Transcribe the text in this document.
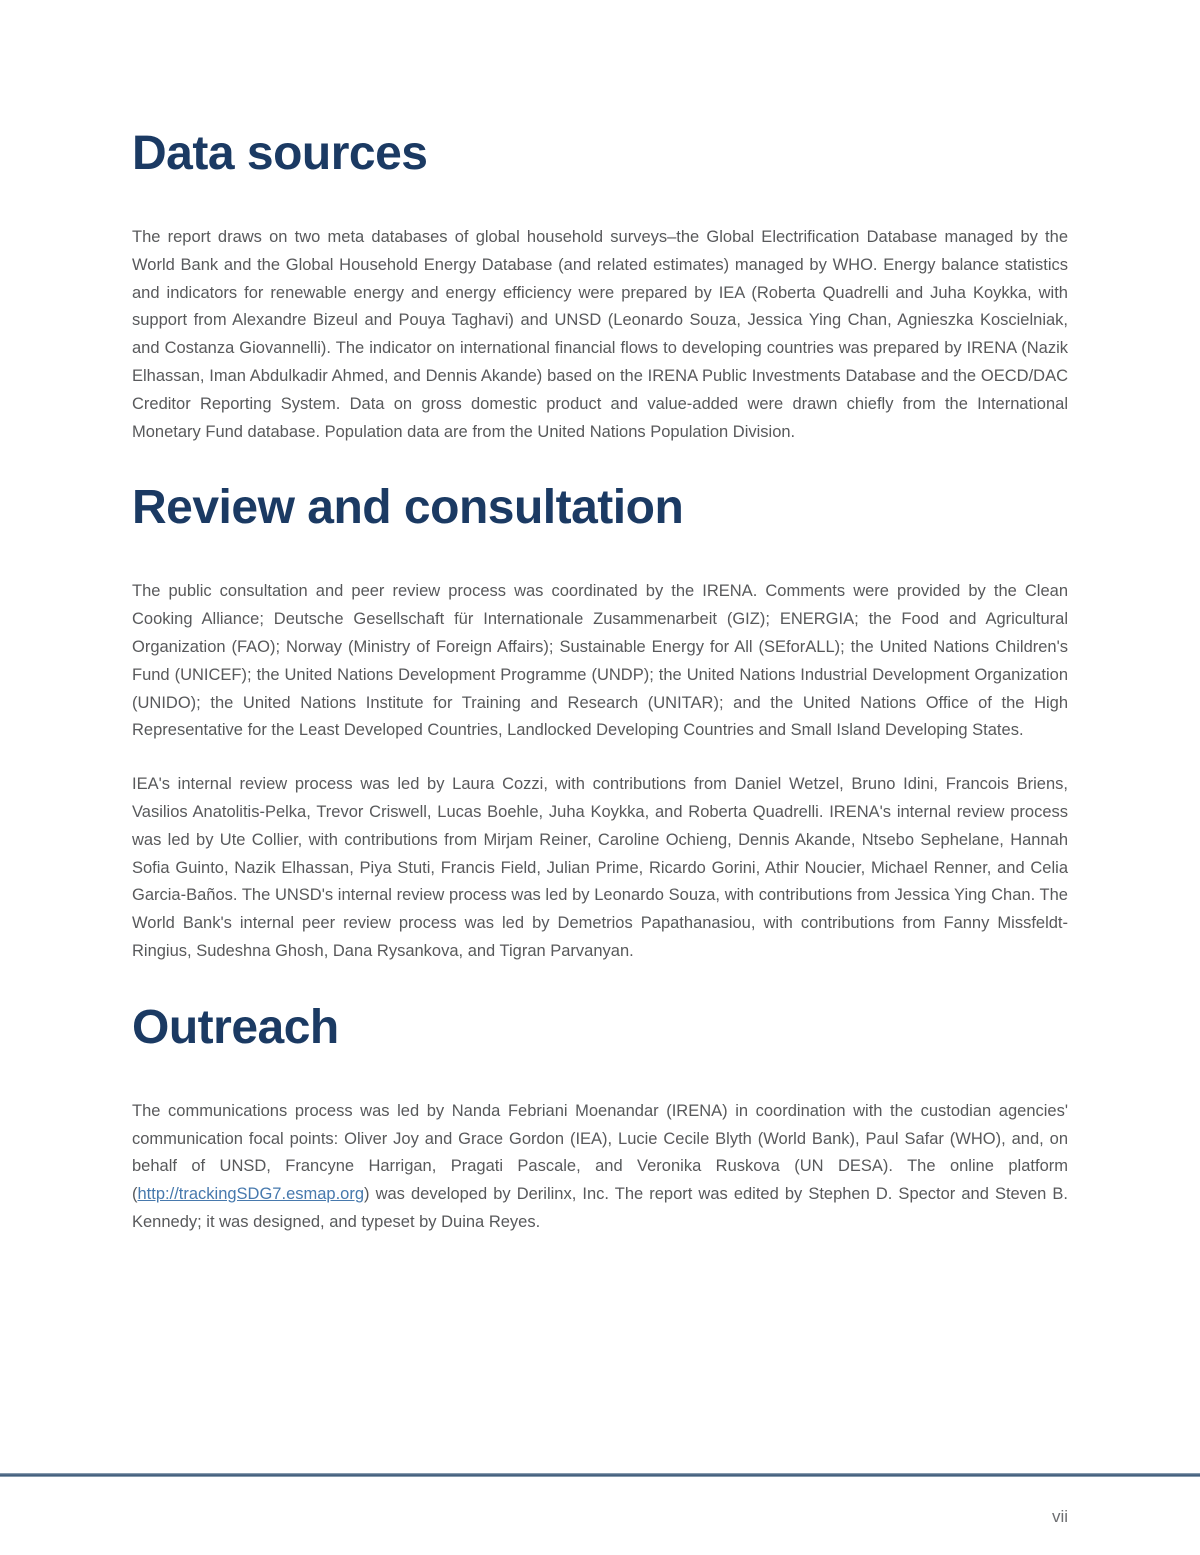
Data sources

The report draws on two meta databases of global household surveys–the Global Electrification Database managed by the World Bank and the Global Household Energy Database (and related estimates) managed by WHO. Energy balance statistics and indicators for renewable energy and energy efficiency were prepared by IEA (Roberta Quadrelli and Juha Koykka, with support from Alexandre Bizeul and Pouya Taghavi) and UNSD (Leonardo Souza, Jessica Ying Chan, Agnieszka Koscielniak, and Costanza Giovannelli). The indicator on international financial flows to developing countries was prepared by IRENA (Nazik Elhassan, Iman Abdulkadir Ahmed, and Dennis Akande) based on the IRENA Public Investments Database and the OECD/DAC Creditor Reporting System. Data on gross domestic product and value-added were drawn chiefly from the International Monetary Fund database. Population data are from the United Nations Population Division.

Review and consultation

The public consultation and peer review process was coordinated by the IRENA. Comments were provided by the Clean Cooking Alliance; Deutsche Gesellschaft für Internationale Zusammenarbeit (GIZ); ENERGIA; the Food and Agricultural Organization (FAO); Norway (Ministry of Foreign Affairs); Sustainable Energy for All (SEforALL); the United Nations Children's Fund (UNICEF); the United Nations Development Programme (UNDP); the United Nations Industrial Development Organization (UNIDO); the United Nations Institute for Training and Research (UNITAR); and the United Nations Office of the High Representative for the Least Developed Countries, Landlocked Developing Countries and Small Island Developing States.

IEA's internal review process was led by Laura Cozzi, with contributions from Daniel Wetzel, Bruno Idini, Francois Briens, Vasilios Anatolitis-Pelka, Trevor Criswell, Lucas Boehle, Juha Koykka, and Roberta Quadrelli. IRENA's internal review process was led by Ute Collier, with contributions from Mirjam Reiner, Caroline Ochieng, Dennis Akande, Ntsebo Sephelane, Hannah Sofia Guinto, Nazik Elhassan, Piya Stuti, Francis Field, Julian Prime, Ricardo Gorini, Athir Noucier, Michael Renner, and Celia Garcia-Baños. The UNSD's internal review process was led by Leonardo Souza, with contributions from Jessica Ying Chan. The World Bank's internal peer review process was led by Demetrios Papathanasiou, with contributions from Fanny Missfeldt-Ringius, Sudeshna Ghosh, Dana Rysankova, and Tigran Parvanyan.

Outreach

The communications process was led by Nanda Febriani Moenandar (IRENA) in coordination with the custodian agencies' communication focal points: Oliver Joy and Grace Gordon (IEA), Lucie Cecile Blyth (World Bank), Paul Safar (WHO), and, on behalf of UNSD, Francyne Harrigan, Pragati Pascale, and Veronika Ruskova (UN DESA). The online platform (http://trackingSDG7.esmap.org) was developed by Derilinx, Inc. The report was edited by Stephen D. Spector and Steven B. Kennedy; it was designed, and typeset by Duina Reyes.

vii
